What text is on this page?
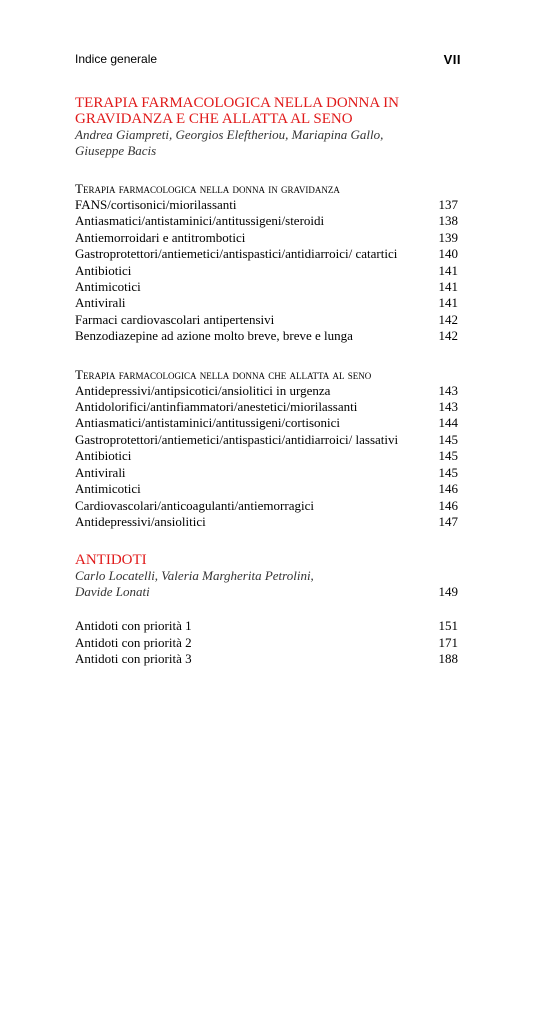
Indice generale	VII
TERAPIA FARMACOLOGICA NELLA DONNA IN GRAVIDANZA E CHE ALLATTA AL SENO
Andrea Giampreti, Georgios Eleftheriou, Mariapina Gallo,
Giuseppe Bacis
Terapia farmacologica nella donna in gravidanza
FANS/cortisonici/miorilassanti	137
Antiasmatici/antistaminici/antitussigeni/steroidi	138
Antiemorroidari e antitrombotici	139
Gastroprotettori/antiemetici/antispastici/antidiarroici/ catartici	140
Antibiotici	141
Antimicotici	141
Antivirali	141
Farmaci cardiovascolari antipertensivi	142
Benzodiazepine ad azione molto breve, breve e lunga	142
Terapia farmacologica nella donna che allatta al seno
Antidepressivi/antipsicotici/ansiolitici in urgenza	143
Antidolorifici/antinfiammatori/anestetici/miorilassanti	143
Antiasmatici/antistaminici/antitussigeni/cortisonici	144
Gastroprotettori/antiemetici/antispastici/antidiarroici/ lassativi	145
Antibiotici	145
Antivirali	145
Antimicotici	146
Cardiovascolari/anticoagulanti/antiemorragici	146
Antidepressivi/ansiolitici	147
ANTIDOTI
Carlo Locatelli, Valeria Margherita Petrolini,
Davide Lonati	149
Antidoti con priorità 1	151
Antidoti con priorità 2	171
Antidoti con priorità 3	188
